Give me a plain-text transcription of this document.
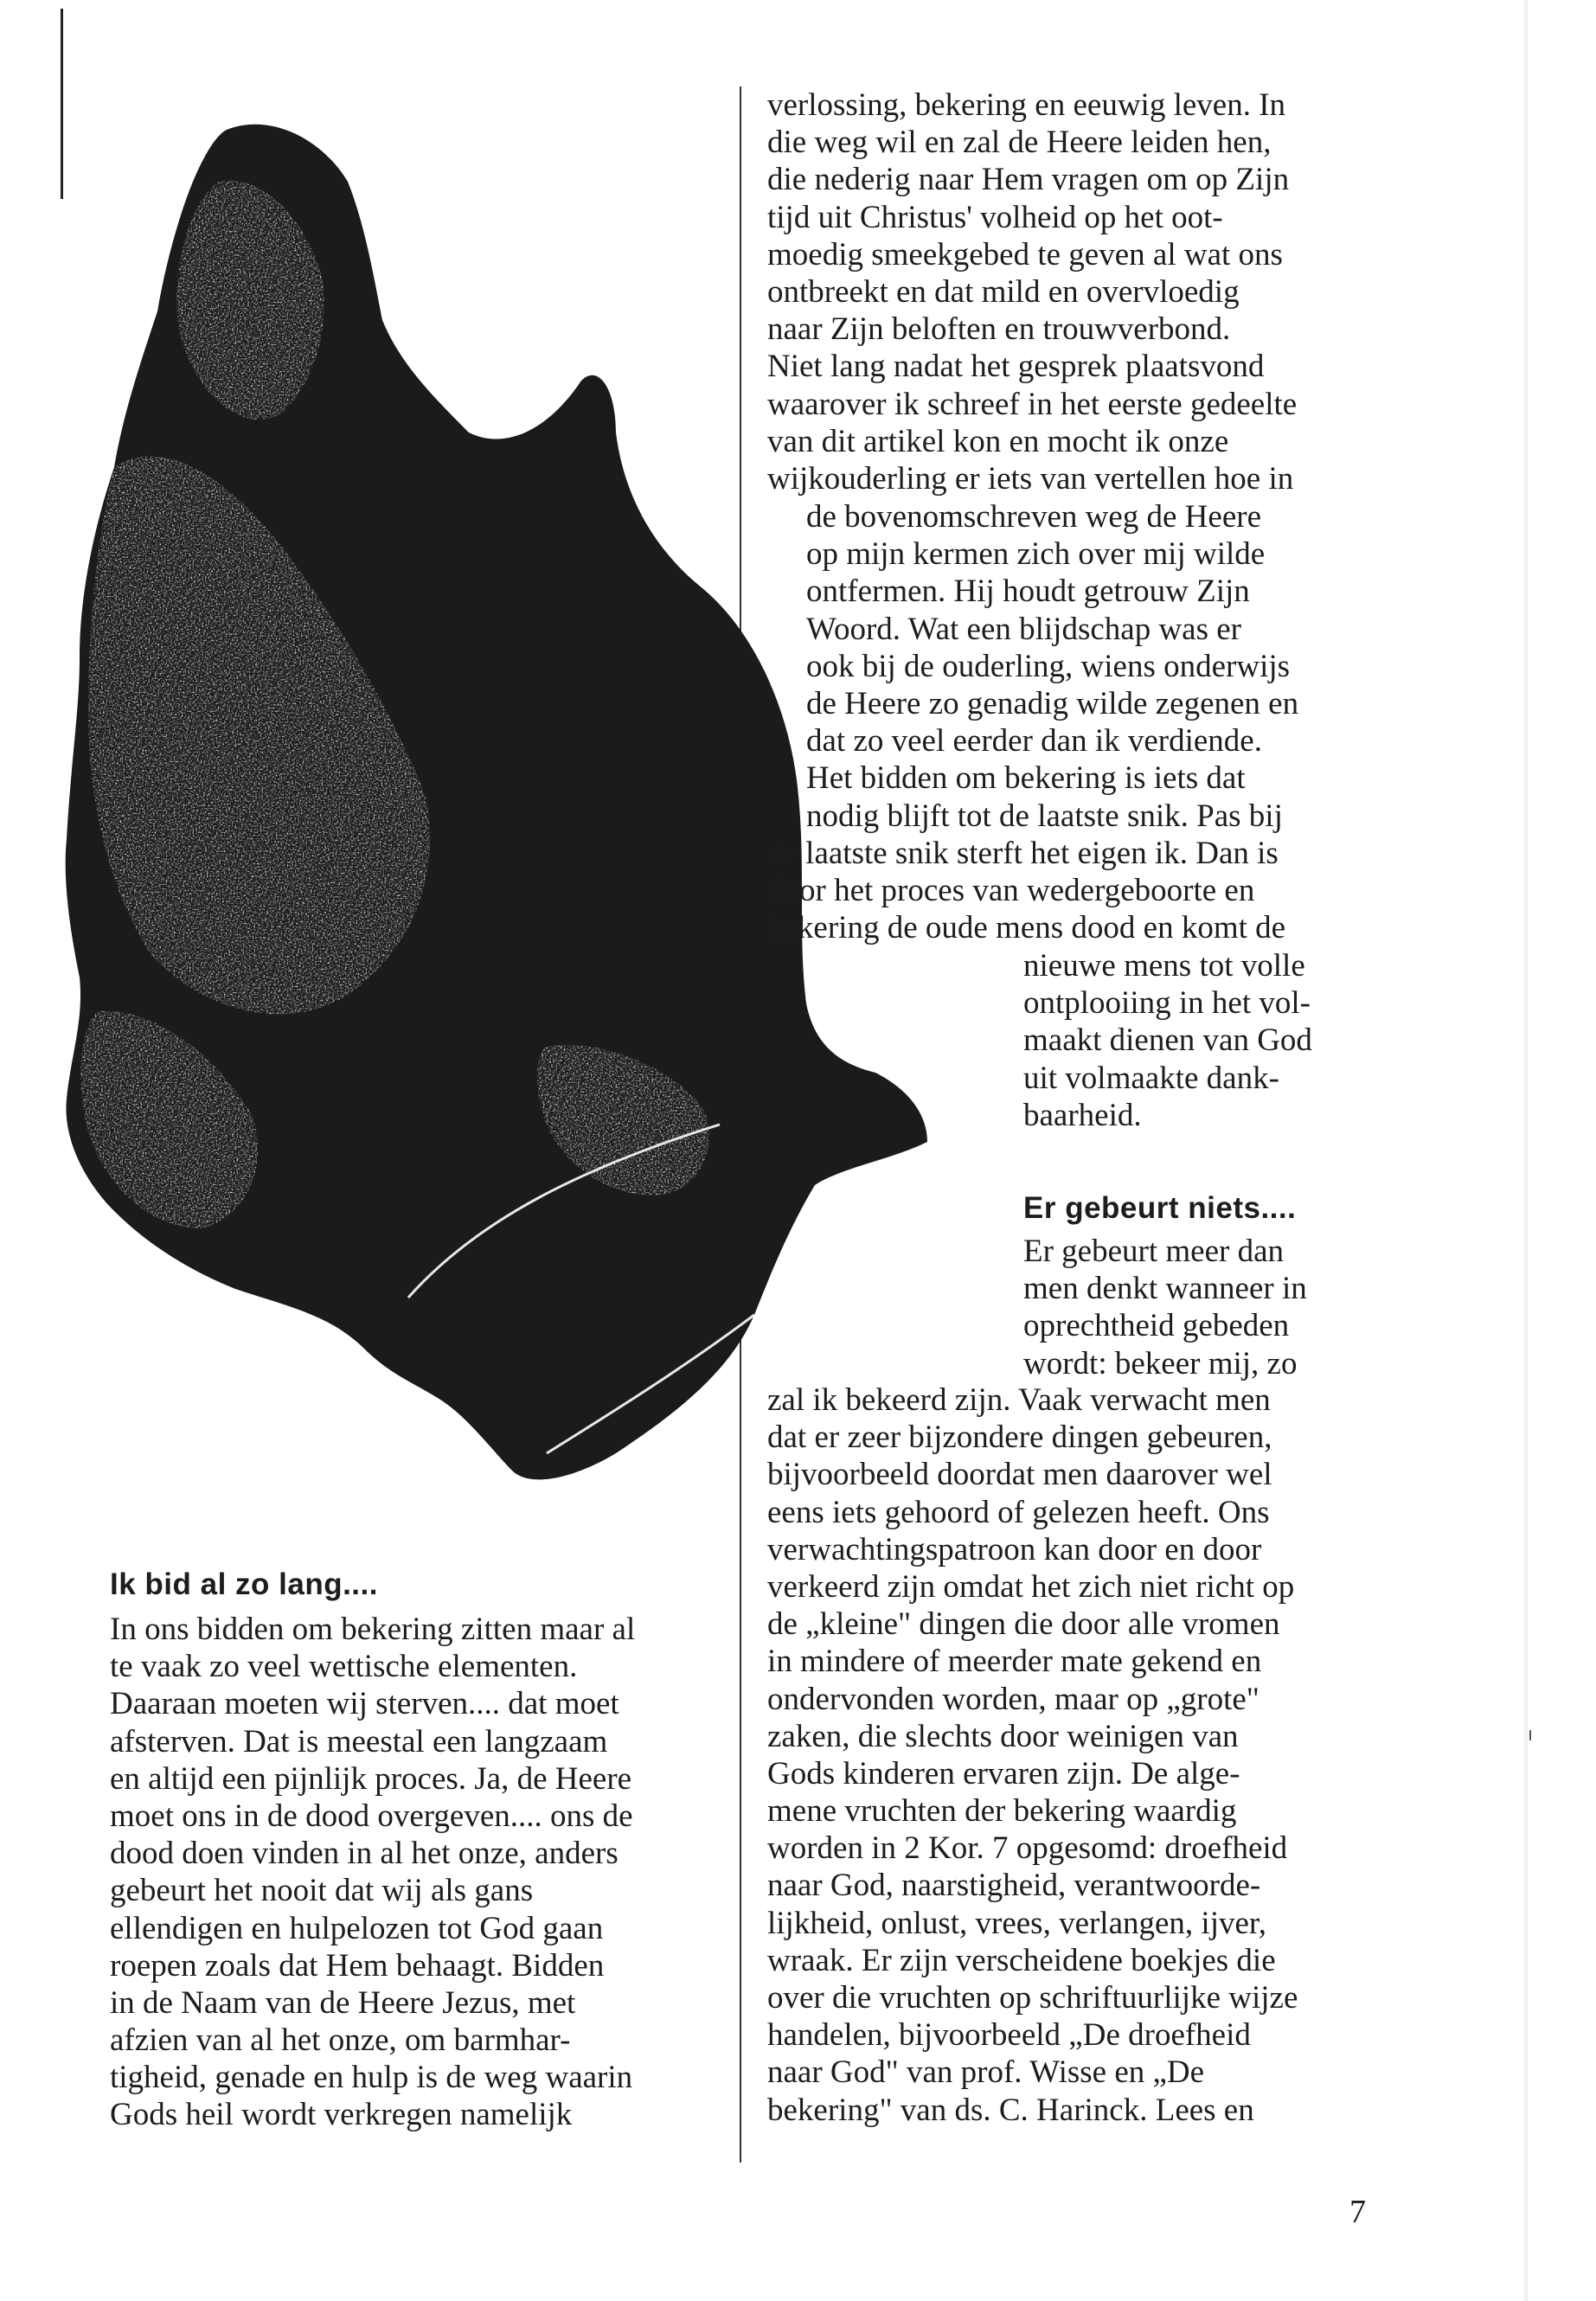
verlossing, bekering en eeuwig leven. In
die weg wil en zal de Heere leiden hen,
die nederig naar Hem vragen om op Zijn
tijd uit Christus' volheid op het oot-
moedig smeekgebed te geven al wat ons
ontbreekt en dat mild en overvloedig
naar Zijn beloften en trouwverbond.
Niet lang nadat het gesprek plaatsvond
waarover ik schreef in het eerste gedeelte
van dit artikel kon en mocht ik onze
wijkouderling er iets van vertellen hoe in
de bovenomschreven weg de Heere
op mijn kermen zich over mij wilde
ontfermen. Hij houdt getrouw Zijn
Woord. Wat een blijdschap was er
ook bij de ouderling, wiens onderwijs
de Heere zo genadig wilde zegenen en
dat zo veel eerder dan ik verdiende.
Het bidden om bekering is iets dat
nodig blijft tot de laatste snik. Pas bij
de laatste snik sterft het eigen ik. Dan is
door het proces van wedergeboorte en
bekering de oude mens dood en komt de
nieuwe mens tot volle
ontplooiing in het vol-
maakt dienen van God
uit volmaakte dank-
baarheid.
Er gebeurt niets....
Er gebeurt meer dan
men denkt wanneer in
oprechtheid gebeden
wordt: bekeer mij, zo
zal ik bekeerd zijn. Vaak verwacht men
dat er zeer bijzondere dingen gebeuren,
bijvoorbeeld doordat men daarover wel
eens iets gehoord of gelezen heeft. Ons
verwachtingspatroon kan door en door
verkeerd zijn omdat het zich niet richt op
de „kleine" dingen die door alle vromen
in mindere of meerder mate gekend en
ondervonden worden, maar op „grote"
zaken, die slechts door weinigen van
Gods kinderen ervaren zijn. De alge-
mene vruchten der bekering waardig
worden in 2 Kor. 7 opgesomd: droefheid
naar God, naarstigheid, verantwoorde-
lijkheid, onlust, vrees, verlangen, ijver,
wraak. Er zijn verscheidene boekjes die
over die vruchten op schriftuurlijke wijze
handelen, bijvoorbeeld „De droefheid
naar God" van prof. Wisse en „De
bekering" van ds. C. Harinck. Lees en
Ik bid al zo lang....
In ons bidden om bekering zitten maar al
te vaak zo veel wettische elementen.
Daaraan moeten wij sterven.... dat moet
afsterven. Dat is meestal een langzaam
en altijd een pijnlijk proces. Ja, de Heere
moet ons in de dood overgeven.... ons de
dood doen vinden in al het onze, anders
gebeurt het nooit dat wij als gans
ellendigen en hulpelozen tot God gaan
roepen zoals dat Hem behaagt. Bidden
in de Naam van de Heere Jezus, met
afzien van al het onze, om barmhar-
tigheid, genade en hulp is de weg waarin
Gods heil wordt verkregen namelijk
7
